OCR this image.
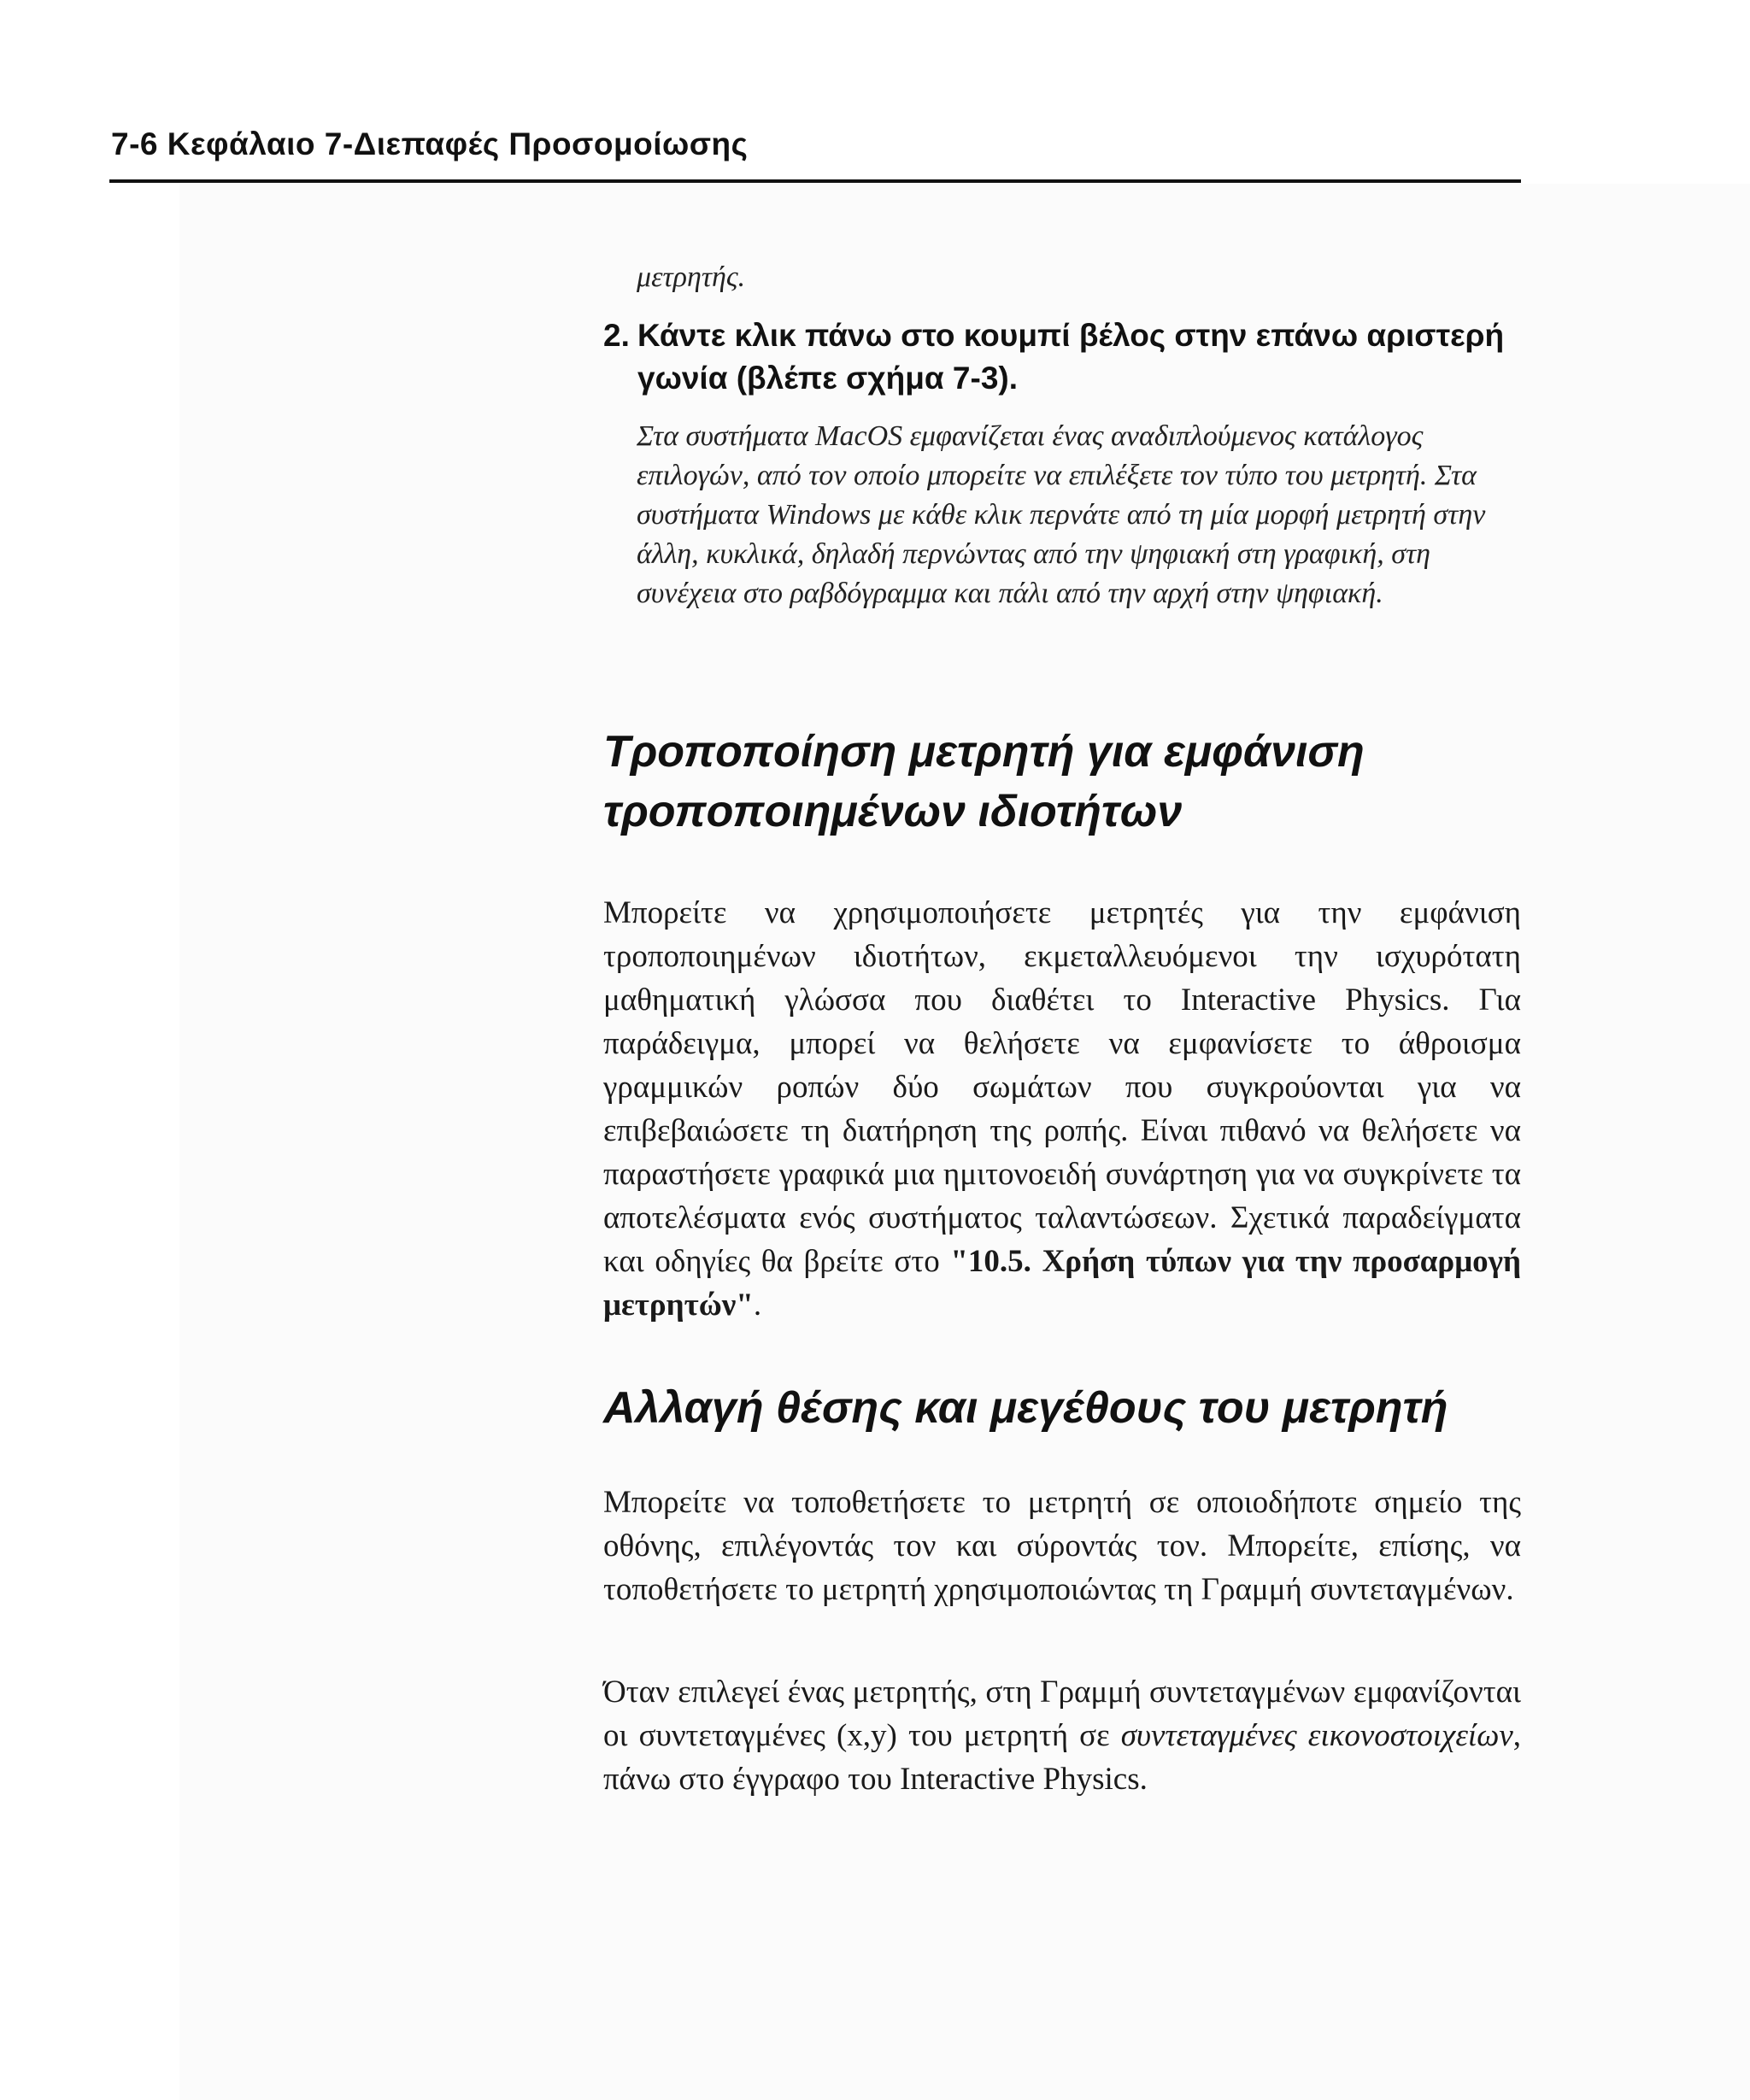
7-6 Κεφάλαιο 7-Διεπαφές Προσομοίωσης
μετρητής.
2. Κάντε κλικ πάνω στο κουμπί βέλος στην επάνω αριστερή γωνία (βλέπε σχήμα 7-3).
Στα συστήματα MacOS εμφανίζεται ένας αναδιπλούμενος κατάλογος επιλογών, από τον οποίο μπορείτε να επιλέξετε τον τύπο του μετρητή. Στα συστήματα Windows με κάθε κλικ περνάτε από τη μία μορφή μετρητή στην άλλη, κυκλικά, δηλαδή περνώντας από την ψηφιακή στη γραφική, στη συνέχεια στο ραβδόγραμμα και πάλι από την αρχή στην ψηφιακή.
Τροποποίηση μετρητή για εμφάνιση τροποποιημένων ιδιοτήτων

Μπορείτε να χρησιμοποιήσετε μετρητές για την εμφάνιση τροποποιημένων ιδιοτήτων, εκμεταλλευόμενοι την ισχυρότατη μαθηματική γλώσσα που διαθέτει το Interactive Physics. Για παράδειγμα, μπορεί να θελήσετε να εμφανίσετε το άθροισμα γραμμικών ροπών δύο σωμάτων που συγκρούονται για να επιβεβαιώσετε τη διατήρηση της ροπής. Είναι πιθανό να θελήσετε να παραστήσετε γραφικά μια ημιτονοειδή συνάρτηση για να συγκρίνετε τα αποτελέσματα ενός συστήματος ταλαντώσεων. Σχετικά παραδείγματα και οδηγίες θα βρείτε στο "10.5. Χρήση τύπων για την προσαρμογή μετρητών".

Αλλαγή θέσης και μεγέθους του μετρητή

Μπορείτε να τοποθετήσετε το μετρητή σε οποιοδήποτε σημείο της οθόνης, επιλέγοντάς τον και σύροντάς τον. Μπορείτε, επίσης, να τοποθετήσετε το μετρητή χρησιμοποιώντας τη Γραμμή συντεταγμένων.

Όταν επιλεγεί ένας μετρητής, στη Γραμμή συντεταγμένων εμφανίζονται οι συντεταγμένες (x,y) του μετρητή σε συντεταγμένες εικονοστοιχείων, πάνω στο έγγραφο του Interactive Physics.
